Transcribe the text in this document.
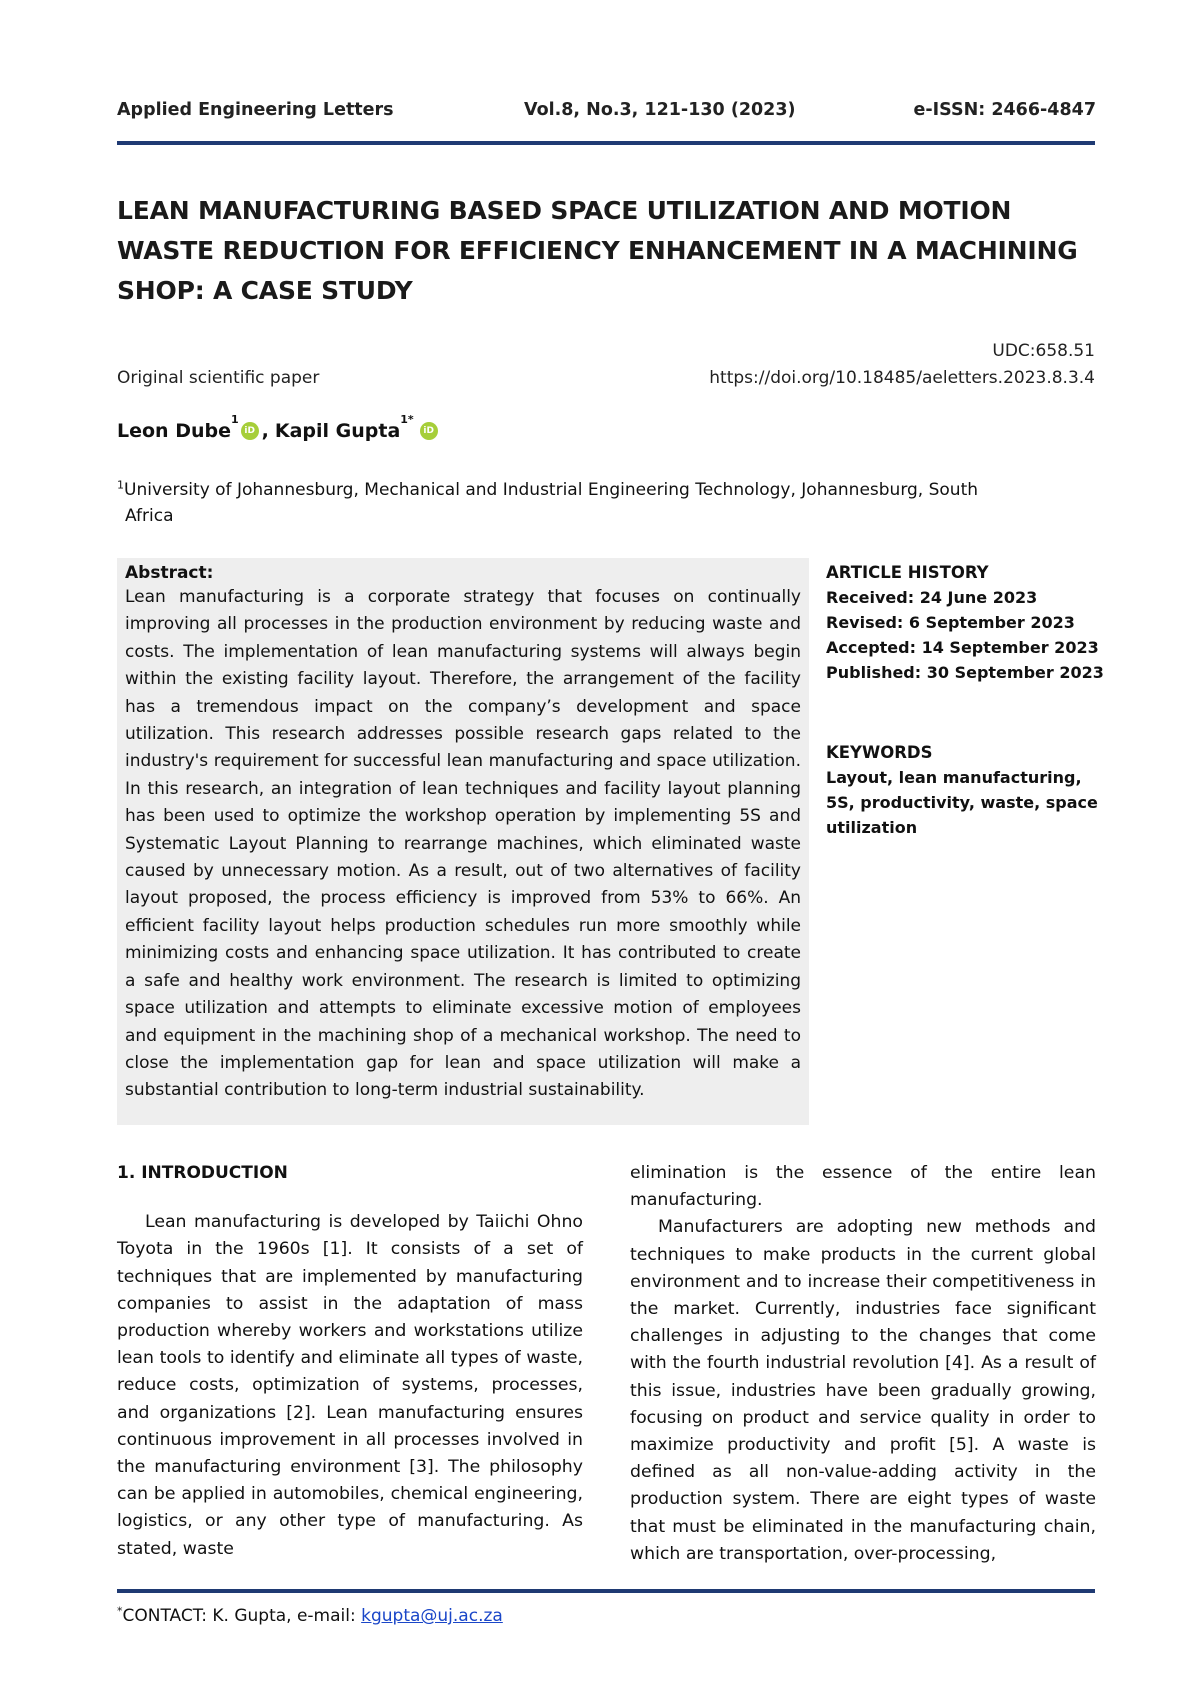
Applied Engineering Letters	Vol.8, No.3, 121-130 (2023)	e-ISSN: 2466-4847
LEAN MANUFACTURING BASED SPACE UTILIZATION AND MOTION WASTE REDUCTION FOR EFFICIENCY ENHANCEMENT IN A MACHINING SHOP: A CASE STUDY
UDC:658.51
Original scientific paper	https://doi.org/10.18485/aeletters.2023.8.3.4
Leon Dube
1
iD , Kapil Gupta
1*
iD
$^1$University of Johannesburg, Mechanical and Industrial Engineering Technology, Johannesburg, South
Africa
Abstract:

Lean manufacturing is a corporate strategy that focuses on continually improving all processes in the production environment by reducing waste and costs. The implementation of lean manufacturing systems will always begin within the existing facility layout. Therefore, the arrangement of the facility has a tremendous impact on the company’s development and space utilization. This research addresses possible research gaps related to the industry's requirement for successful lean manufacturing and space utilization. In this research, an integration of lean techniques and facility layout planning has been used to optimize the workshop operation by implementing 5S and Systematic Layout Planning to rearrange machines, which eliminated waste caused by unnecessary motion. As a result, out of two alternatives of facility layout proposed, the process efficiency is improved from 53% to 66%. An efficient facility layout helps production schedules run more smoothly while minimizing costs and enhancing space utilization. It has contributed to create a safe and healthy work environment. The research is limited to optimizing space utilization and attempts to eliminate excessive motion of employees and equipment in the machining shop of a mechanical workshop. The need to close the implementation gap for lean and space utilization will make a substantial contribution to long-term industrial sustainability.

ARTICLE HISTORY
Received: 24 June 2023
Revised: 6 September 2023
Accepted: 14 September 2023
Published: 30 September 2023
KEYWORDS
Layout, lean manufacturing,
5S, productivity, waste, space
utilization
1. INTRODUCTION

Lean manufacturing is developed by Taiichi Ohno Toyota in the 1960s [1]. It consists of a set of techniques that are implemented by manufacturing companies to assist in the adaptation of mass production whereby workers and workstations utilize lean tools to identify and eliminate all types of waste, reduce costs, optimization of systems, processes, and organizations [2]. Lean manufacturing ensures continuous improvement in all processes involved in the manufacturing environment [3]. The philosophy can be applied in automobiles, chemical engineering, logistics, or any other type of manufacturing. As stated, waste

elimination is the essence of the entire lean manufacturing.

Manufacturers are adopting new methods and techniques to make products in the current global environment and to increase their competitiveness in the market. Currently, industries face significant challenges in adjusting to the changes that come with the fourth industrial revolution [4]. As a result of this issue, industries have been gradually growing, focusing on product and service quality in order to maximize productivity and profit [5]. A waste is defined as all non-value-adding activity in the production system. There are eight types of waste that must be eliminated in the manufacturing chain, which are transportation, over-processing,

*CONTACT: K. Gupta, e-mail: kgupta@uj.ac.za
